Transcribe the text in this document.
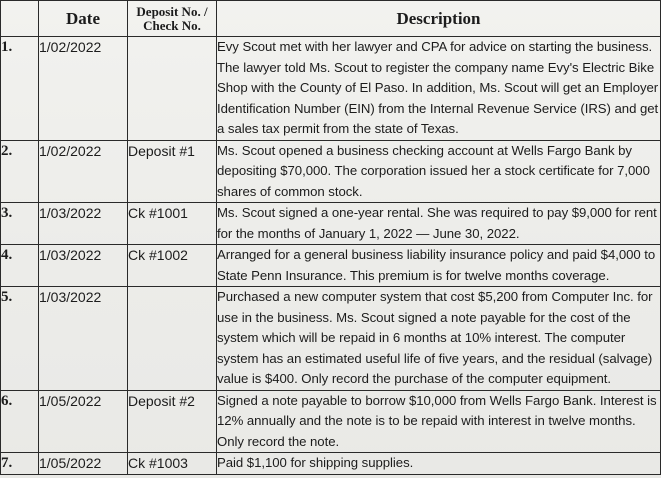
	Date	Deposit No. / Check No.	Description
1.	1/02/2022		Evy Scout met with her lawyer and CPA for advice on starting the business. The lawyer told Ms. Scout to register the company name Evy's Electric Bike Shop with the County of El Paso. In addition, Ms. Scout will get an Employer Identification Number (EIN) from the Internal Revenue Service (IRS) and get a sales tax permit from the state of Texas.
2.	1/02/2022	Deposit #1	Ms. Scout opened a business checking account at Wells Fargo Bank by depositing $70,000. The corporation issued her a stock certificate for 7,000 shares of common stock.
3.	1/03/2022	Ck #1001	Ms. Scout signed a one-year rental. She was required to pay $9,000 for rent for the months of January 1, 2022 — June 30, 2022.
4.	1/03/2022	Ck #1002	Arranged for a general business liability insurance policy and paid $4,000 to State Penn Insurance. This premium is for twelve months coverage.
5.	1/03/2022		Purchased a new computer system that cost $5,200 from Computer Inc. for use in the business. Ms. Scout signed a note payable for the cost of the system which will be repaid in 6 months at 10% interest. The computer system has an estimated useful life of five years, and the residual (salvage) value is $400. Only record the purchase of the computer equipment.
6.	1/05/2022	Deposit #2	Signed a note payable to borrow $10,000 from Wells Fargo Bank. Interest is 12% annually and the note is to be repaid with interest in twelve months. Only record the note.
7.	1/05/2022	Ck #1003	Paid $1,100 for shipping supplies.
